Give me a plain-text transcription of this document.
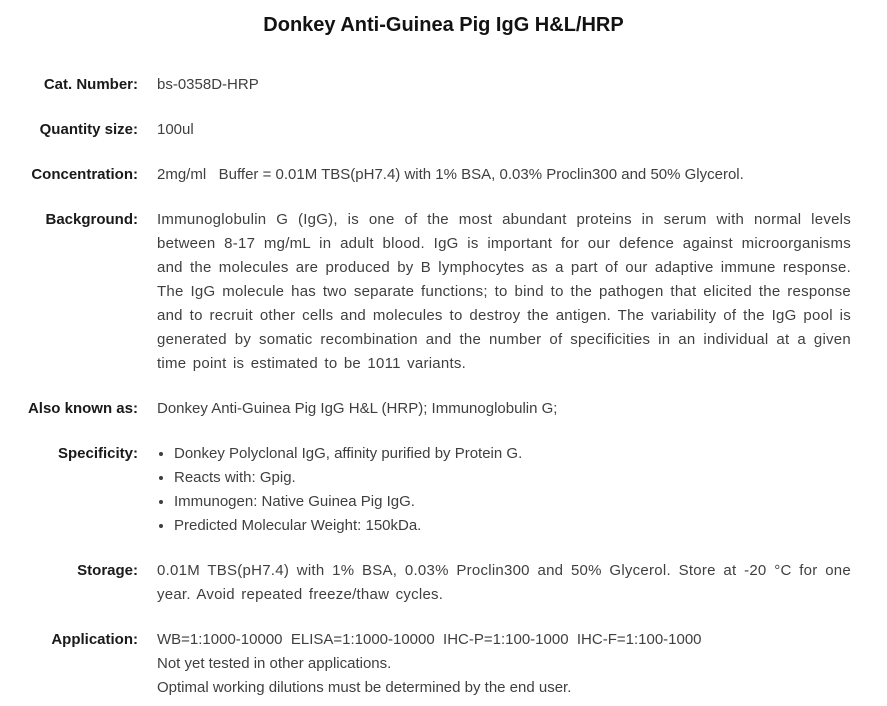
Donkey Anti-Guinea Pig IgG H&L/HRP
Cat. Number: bs-0358D-HRP
Quantity size: 100ul
Concentration: 2mg/ml   Buffer = 0.01M TBS(pH7.4) with 1% BSA, 0.03% Proclin300 and 50% Glycerol.
Background: Immunoglobulin G (IgG), is one of the most abundant proteins in serum with normal levels between 8-17 mg/mL in adult blood. IgG is important for our defence against microorganisms and the molecules are produced by B lymphocytes as a part of our adaptive immune response. The IgG molecule has two separate functions; to bind to the pathogen that elicited the response and to recruit other cells and molecules to destroy the antigen. The variability of the IgG pool is generated by somatic recombination and the number of specificities in an individual at a given time point is estimated to be 1011 variants.
Also known as: Donkey Anti-Guinea Pig IgG H&L (HRP); Immunoglobulin G;
Specificity: • Donkey Polyclonal IgG, affinity purified by Protein G.
• Reacts with: Gpig.
• Immunogen: Native Guinea Pig IgG.
• Predicted Molecular Weight: 150kDa.
Storage: 0.01M TBS(pH7.4) with 1% BSA, 0.03% Proclin300 and 50% Glycerol. Store at -20 °C for one year. Avoid repeated freeze/thaw cycles.
Application: WB=1:1000-10000  ELISA=1:1000-10000  IHC-P=1:100-1000  IHC-F=1:100-1000
Not yet tested in other applications.
Optimal working dilutions must be determined by the end user.
